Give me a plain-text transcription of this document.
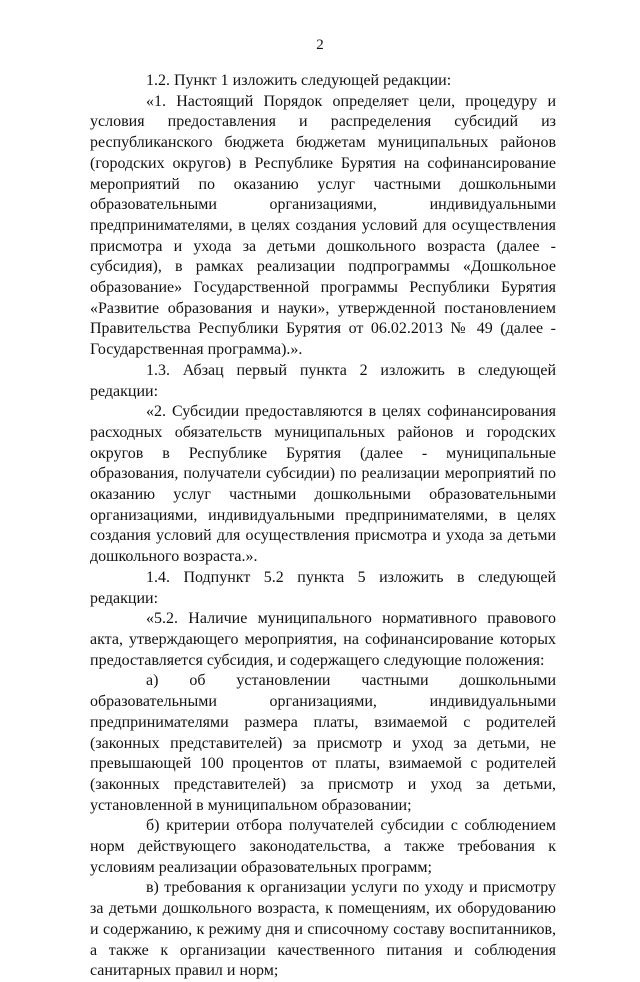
2

1.2. Пункт 1 изложить следующей редакции:

«1. Настоящий Порядок определяет цели, процедуру и условия предоставления и распределения субсидий из республиканского бюджета бюджетам муниципальных районов (городских округов) в Республике Бурятия на софинансирование мероприятий по оказанию услуг частными дошкольными образовательными организациями, индивидуальными предпринимателями, в целях создания условий для осуществления присмотра и ухода за детьми дошкольного возраста (далее - субсидия), в рамках реализации подпрограммы «Дошкольное образование» Государственной программы Республики Бурятия «Развитие образования и науки», утвержденной постановлением Правительства Республики Бурятия от 06.02.2013 № 49 (далее - Государственная программа).».

1.3. Абзац первый пункта 2 изложить в следующей редакции:

«2. Субсидии предоставляются в целях софинансирования расходных обязательств муниципальных районов и городских округов в Республике Бурятия (далее - муниципальные образования, получатели субсидии) по реализации мероприятий по оказанию услуг частными дошкольными образовательными организациями, индивидуальными предпринимателями, в целях создания условий для осуществления присмотра и ухода за детьми дошкольного возраста.».

1.4. Подпункт 5.2 пункта 5 изложить в следующей редакции:

«5.2. Наличие муниципального нормативного правового акта, утверждающего мероприятия, на софинансирование которых предоставляется субсидия, и содержащего следующие положения:

а) об установлении частными дошкольными образовательными организациями, индивидуальными предпринимателями размера платы, взимаемой с родителей (законных представителей) за присмотр и уход за детьми, не превышающей 100 процентов от платы, взимаемой с родителей (законных представителей) за присмотр и уход за детьми, установленной в муниципальном образовании;

б) критерии отбора получателей субсидии с соблюдением норм действующего законодательства, а также требования к условиям реализации образовательных программ;

в) требования к организации услуги по уходу и присмотру за детьми дошкольного возраста, к помещениям, их оборудованию и содержанию, к режиму дня и списочному составу воспитанников, а также к организации качественного питания и соблюдения санитарных правил и норм;
